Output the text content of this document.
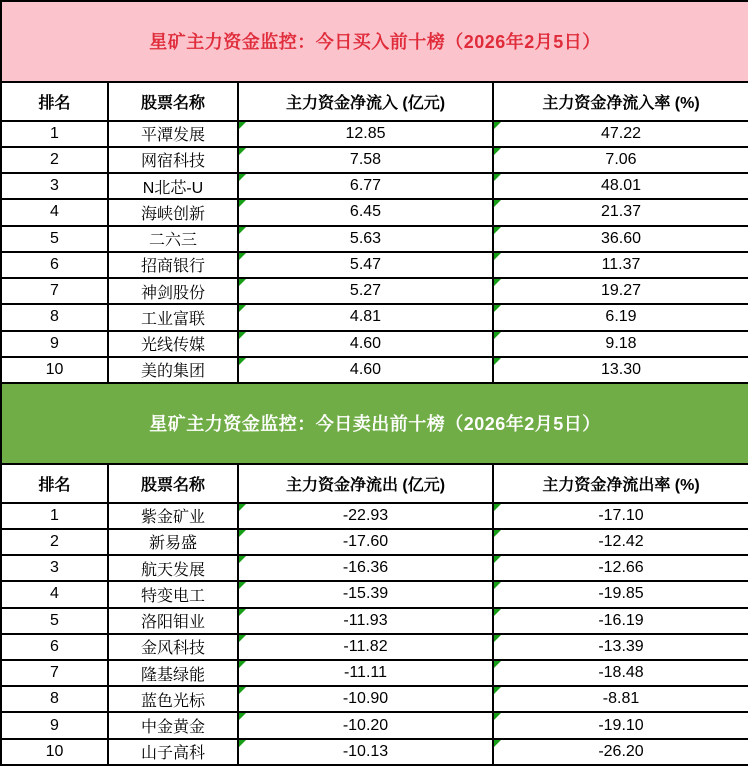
星矿主力资金监控：今日买入前十榜（2026年2月5日）			
排名	股票名称	主力资金净流入 (亿元)	主力资金净流入率 (%)
1	平潭发展	12.85	47.22
2	网宿科技	7.58	7.06
3	N北芯-U	6.77	48.01
4	海峡创新	6.45	21.37
5	二六三	5.63	36.60
6	招商银行	5.47	11.37
7	神剑股份	5.27	19.27
8	工业富联	4.81	6.19
9	光线传媒	4.60	9.18
10	美的集团	4.60	13.30
星矿主力资金监控：今日卖出前十榜（2026年2月5日）			
排名	股票名称	主力资金净流出 (亿元)	主力资金净流出率 (%)
1	紫金矿业	-22.93	-17.10
2	新易盛	-17.60	-12.42
3	航天发展	-16.36	-12.66
4	特变电工	-15.39	-19.85
5	洛阳钼业	-11.93	-16.19
6	金风科技	-11.82	-13.39
7	隆基绿能	-11.11	-18.48
8	蓝色光标	-10.90	-8.81
9	中金黄金	-10.20	-19.10
10	山子高科	-10.13	-26.20
